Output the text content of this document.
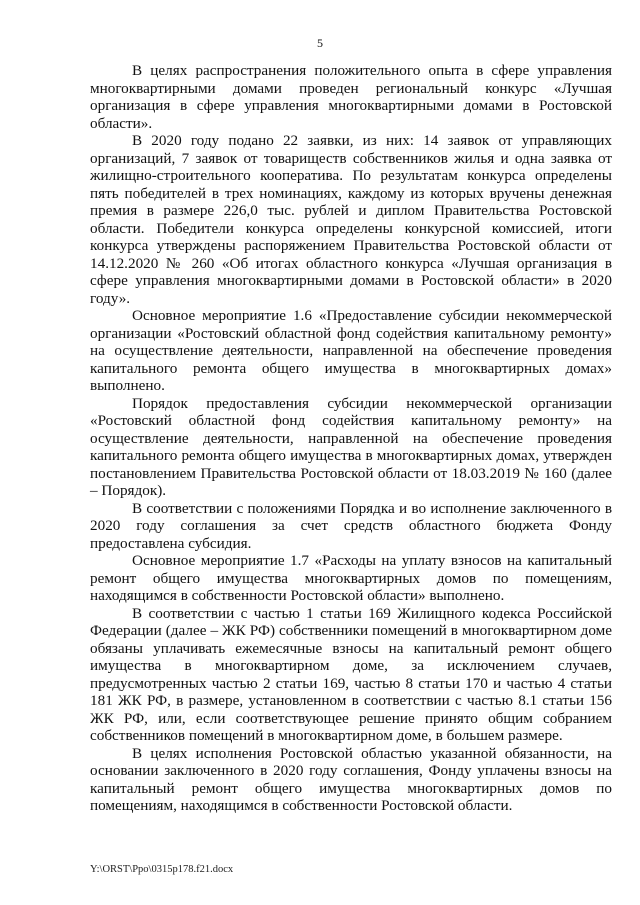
5

В целях распространения положительного опыта в сфере управления многоквартирными домами проведен региональный конкурс «Лучшая организация в сфере управления многоквартирными домами в Ростовской области».

В 2020 году подано 22 заявки, из них: 14 заявок от управляющих организаций, 7 заявок от товариществ собственников жилья и одна заявка от жилищно-строительного кооператива. По результатам конкурса определены пять победителей в трех номинациях, каждому из которых вручены денежная премия в размере 226,0 тыс. рублей и диплом Правительства Ростовской области. Победители конкурса определены конкурсной комиссией, итоги конкурса утверждены распоряжением Правительства Ростовской области от 14.12.2020 № 260 «Об итогах областного конкурса «Лучшая организация в сфере управления многоквартирными домами в Ростовской области» в 2020 году».

Основное мероприятие 1.6 «Предоставление субсидии некоммерческой организации «Ростовский областной фонд содействия капитальному ремонту» на осуществление деятельности, направленной на обеспечение проведения капитального ремонта общего имущества в многоквартирных домах» выполнено.

Порядок предоставления субсидии некоммерческой организации «Ростовский областной фонд содействия капитальному ремонту» на осуществление деятельности, направленной на обеспечение проведения капитального ремонта общего имущества в многоквартирных домах, утвержден постановлением Правительства Ростовской области от 18.03.2019 № 160 (далее – Порядок).

В соответствии с положениями Порядка и во исполнение заключенного в 2020 году соглашения за счет средств областного бюджета Фонду предоставлена субсидия.

Основное мероприятие 1.7 «Расходы на уплату взносов на капитальный ремонт общего имущества многоквартирных домов по помещениям, находящимся в собственности Ростовской области» выполнено.

В соответствии с частью 1 статьи 169 Жилищного кодекса Российской Федерации (далее – ЖК РФ) собственники помещений в многоквартирном доме обязаны уплачивать ежемесячные взносы на капитальный ремонт общего имущества в многоквартирном доме, за исключением случаев, предусмотренных частью 2 статьи 169, частью 8 статьи 170 и частью 4 статьи 181 ЖК РФ, в размере, установленном в соответствии с частью 8.1 статьи 156 ЖК РФ, или, если соответствующее решение принято общим собранием собственников помещений в многоквартирном доме, в большем размере.

В целях исполнения Ростовской областью указанной обязанности, на основании заключенного в 2020 году соглашения, Фонду уплачены взносы на капитальный ремонт общего имущества многоквартирных домов по помещениям, находящимся в собственности Ростовской области.

Y:\ORST\Ppo\0315p178.f21.docx
